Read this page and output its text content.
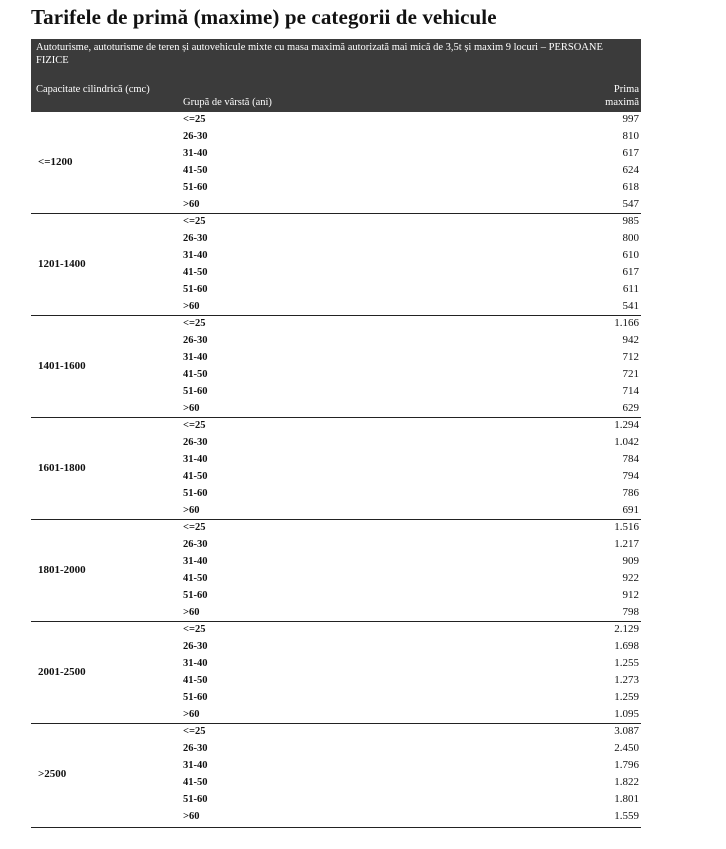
Tarifele de primă (maxime) pe categorii de vehicule
Autoturisme, autoturisme de teren și autovehicule mixte cu masa maximă autorizată mai mică de 3,5t și maxim 9 locuri – PERSOANE FIZICE
Capacitate cilindrică (cmc)
Grupă de vârstă (ani)
Prima
maximă
<=1200
<=25	997
26-30	810
31-40	617
41-50	624
51-60	618
>60	547
1201-1400
<=25	985
26-30	800
31-40	610
41-50	617
51-60	611
>60	541
1401-1600
<=25	1.166
26-30	942
31-40	712
41-50	721
51-60	714
>60	629
1601-1800
<=25	1.294
26-30	1.042
31-40	784
41-50	794
51-60	786
>60	691
1801-2000
<=25	1.516
26-30	1.217
31-40	909
41-50	922
51-60	912
>60	798
2001-2500
<=25	2.129
26-30	1.698
31-40	1.255
41-50	1.273
51-60	1.259
>60	1.095
>2500
<=25	3.087
26-30	2.450
31-40	1.796
41-50	1.822
51-60	1.801
>60	1.559
